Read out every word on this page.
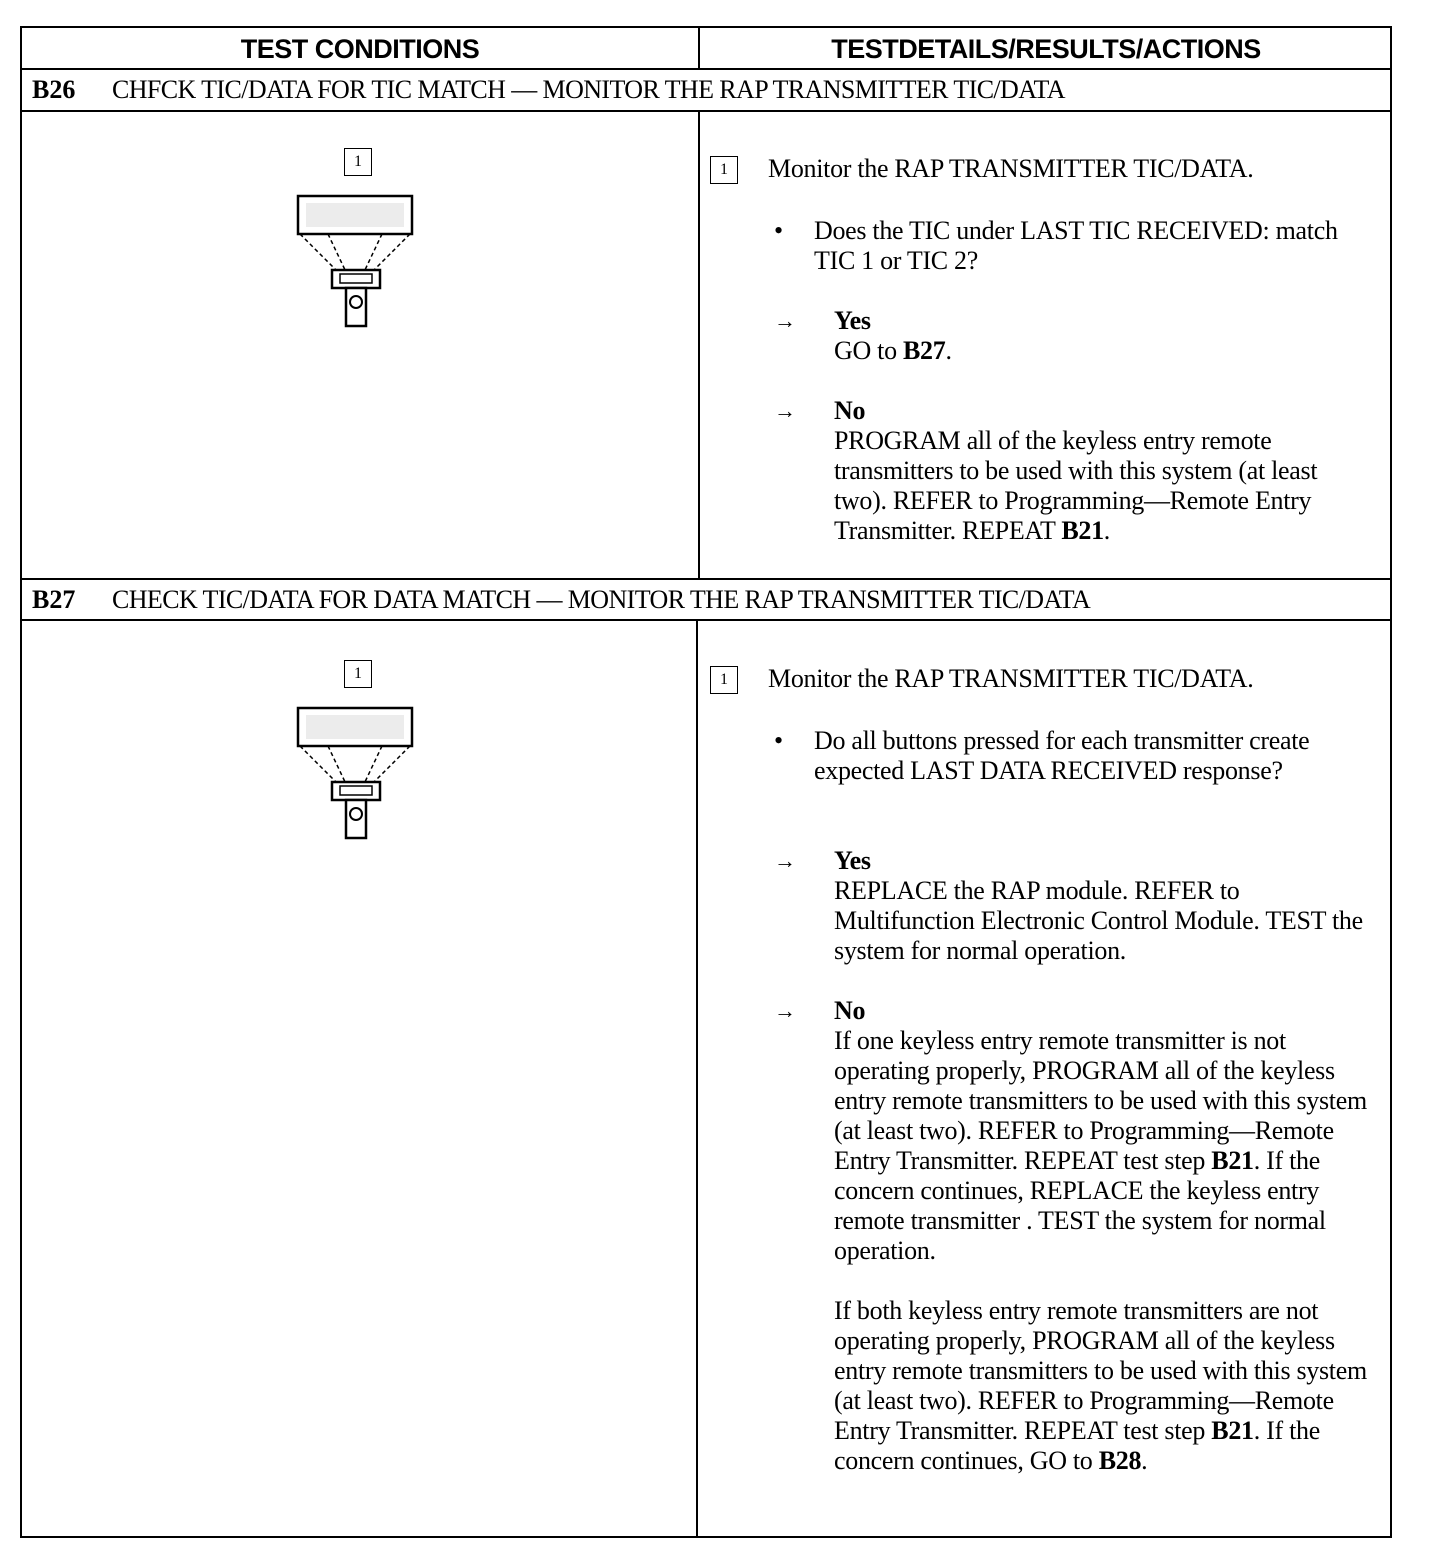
TEST CONDITIONS	TESTDETAILS/RESULTS/ACTIONS
B26 CHFCK TIC/DATA FOR TIC MATCH — MONITOR THE RAP TRANSMITTER TIC/DATA
1	1	Monitor the RAP TRANSMITTER TIC/DATA.
• Does the TIC under LAST TIC RECEIVED: match TIC 1 or TIC 2?
→ Yes
GO to B27.
→ No
PROGRAM all of the keyless entry remote transmitters to be used with this system (at least two). REFER to Programming—Remote Entry Transmitter. REPEAT B21.
B27 CHECK TIC/DATA FOR DATA MATCH — MONITOR THE RAP TRANSMITTER TIC/DATA
1	1	Monitor the RAP TRANSMITTER TIC/DATA.
• Do all buttons pressed for each transmitter create expected LAST DATA RECEIVED response?
→ Yes
REPLACE the RAP module. REFER to Multifunction Electronic Control Module. TEST the system for normal operation.
→ No
If one keyless entry remote transmitter is not operating properly, PROGRAM all of the keyless entry remote transmitters to be used with this system (at least two). REFER to Programming—Remote Entry Transmitter. REPEAT test step B21. If the concern continues, REPLACE the keyless entry remote transmitter . TEST the system for normal operation.
If both keyless entry remote transmitters are not operating properly, PROGRAM all of the keyless entry remote transmitters to be used with this system (at least two). REFER to Programming—Remote Entry Transmitter. REPEAT test step B21. If the concern continues, GO to B28.
